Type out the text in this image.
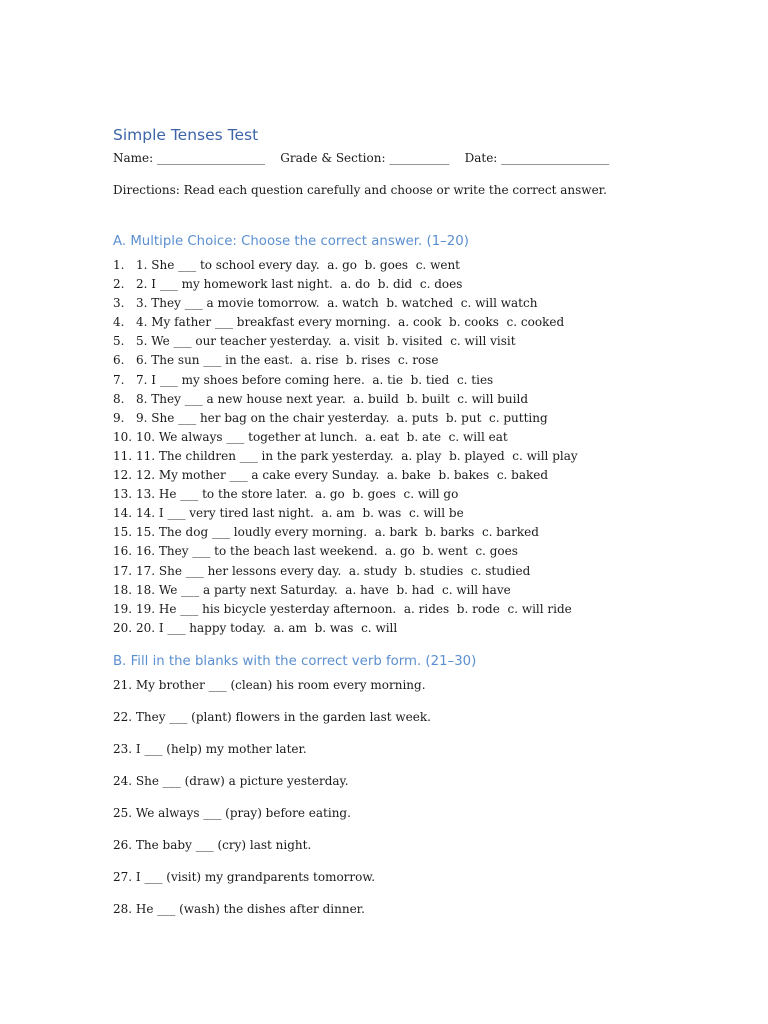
Simple Tenses Test
Name: __________________    Grade & Section: __________    Date: __________________
Directions: Read each question carefully and choose or write the correct answer.
A. Multiple Choice: Choose the correct answer. (1–20)
1. 1. She ___ to school every day.  a. go  b. goes  c. went
2. 2. I ___ my homework last night.  a. do  b. did  c. does
3. 3. They ___ a movie tomorrow.  a. watch  b. watched  c. will watch
4. 4. My father ___ breakfast every morning.  a. cook  b. cooks  c. cooked
5. 5. We ___ our teacher yesterday.  a. visit  b. visited  c. will visit
6. 6. The sun ___ in the east.  a. rise  b. rises  c. rose
7. 7. I ___ my shoes before coming here.  a. tie  b. tied  c. ties
8. 8. They ___ a new house next year.  a. build  b. built  c. will build
9. 9. She ___ her bag on the chair yesterday.  a. puts  b. put  c. putting
10. 10. We always ___ together at lunch.  a. eat  b. ate  c. will eat
11. 11. The children ___ in the park yesterday.  a. play  b. played  c. will play
12. 12. My mother ___ a cake every Sunday.  a. bake  b. bakes  c. baked
13. 13. He ___ to the store later.  a. go  b. goes  c. will go
14. 14. I ___ very tired last night.  a. am  b. was  c. will be
15. 15. The dog ___ loudly every morning.  a. bark  b. barks  c. barked
16. 16. They ___ to the beach last weekend.  a. go  b. went  c. goes
17. 17. She ___ her lessons every day.  a. study  b. studies  c. studied
18. 18. We ___ a party next Saturday.  a. have  b. had  c. will have
19. 19. He ___ his bicycle yesterday afternoon.  a. rides  b. rode  c. will ride
20. 20. I ___ happy today.  a. am  b. was  c. will
B. Fill in the blanks with the correct verb form. (21–30)
21. My brother ___ (clean) his room every morning.
22. They ___ (plant) flowers in the garden last week.
23. I ___ (help) my mother later.
24. She ___ (draw) a picture yesterday.
25. We always ___ (pray) before eating.
26. The baby ___ (cry) last night.
27. I ___ (visit) my grandparents tomorrow.
28. He ___ (wash) the dishes after dinner.
